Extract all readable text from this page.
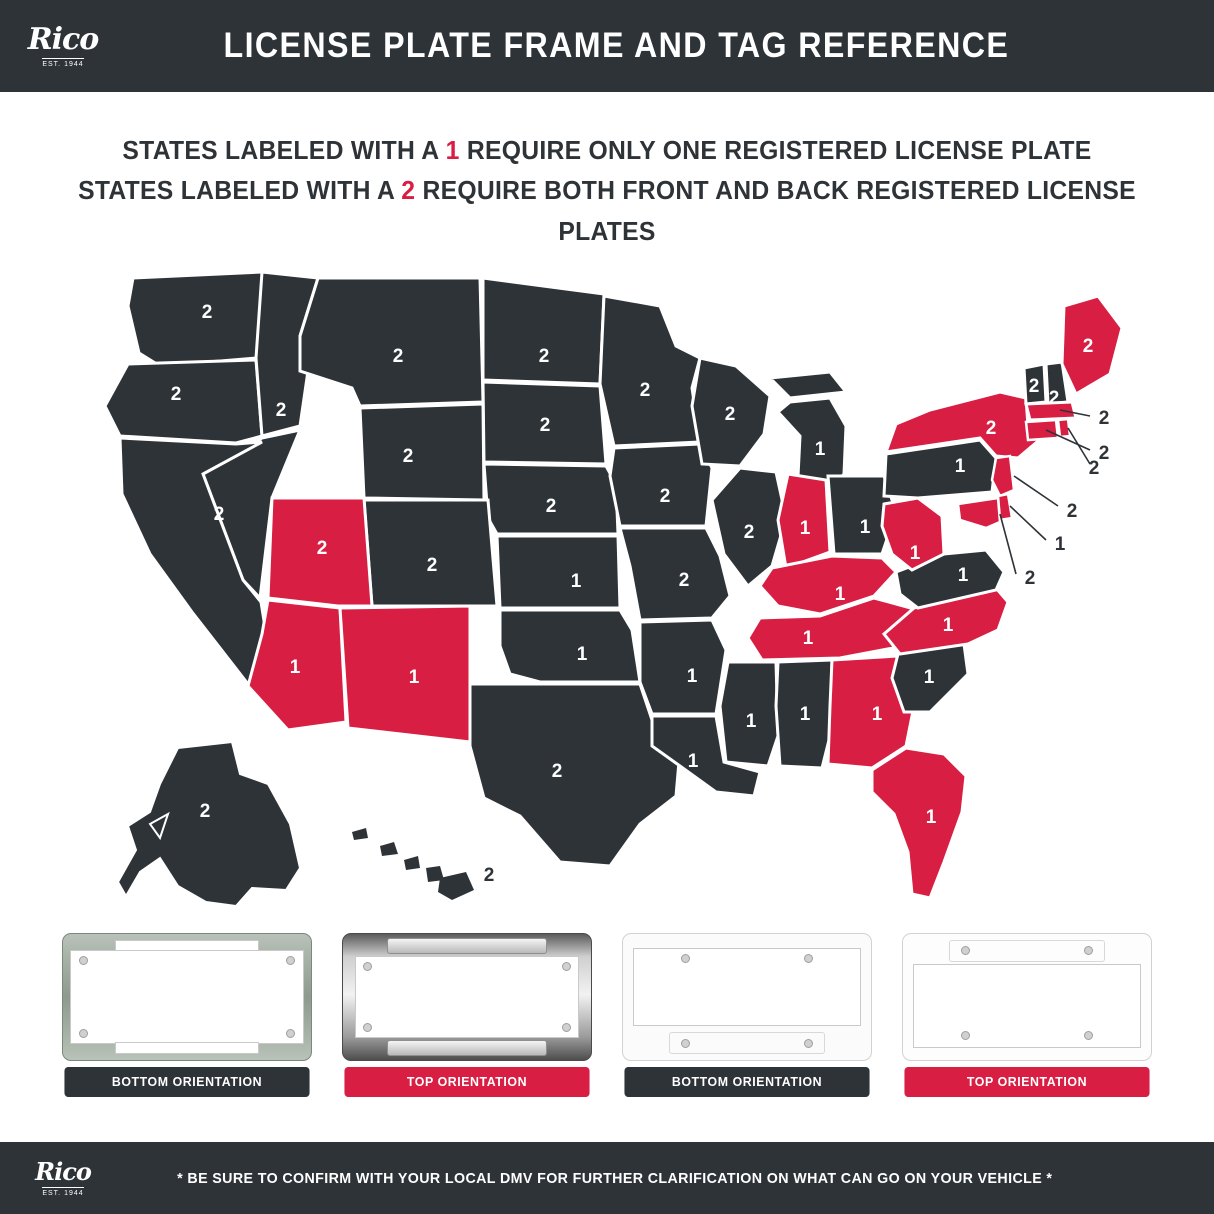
Rico
EST. 1944	LICENSE PLATE FRAME AND TAG REFERENCE
STATES LABELED WITH A 1 REQUIRE ONLY ONE REGISTERED LICENSE PLATE
STATES LABELED WITH A 2 REQUIRE BOTH FRONT AND BACK REGISTERED LICENSE PLATES
2
2
2
2	2
2
2
2
1
2
2	2
2
2
2
1	2
2 1	1
1
2
2
2
2
1
1	1
1
1
1
1
1
1
1
1
1
1
1
1
2
1
2
2
2
2
2
2
1
2
BOTTOM ORIENTATION	TOP ORIENTATION	BOTTOM ORIENTATION	TOP ORIENTATION
Rico
EST. 1944
* BE SURE TO CONFIRM WITH YOUR LOCAL DMV FOR FURTHER CLARIFICATION ON WHAT CAN GO ON YOUR VEHICLE *
